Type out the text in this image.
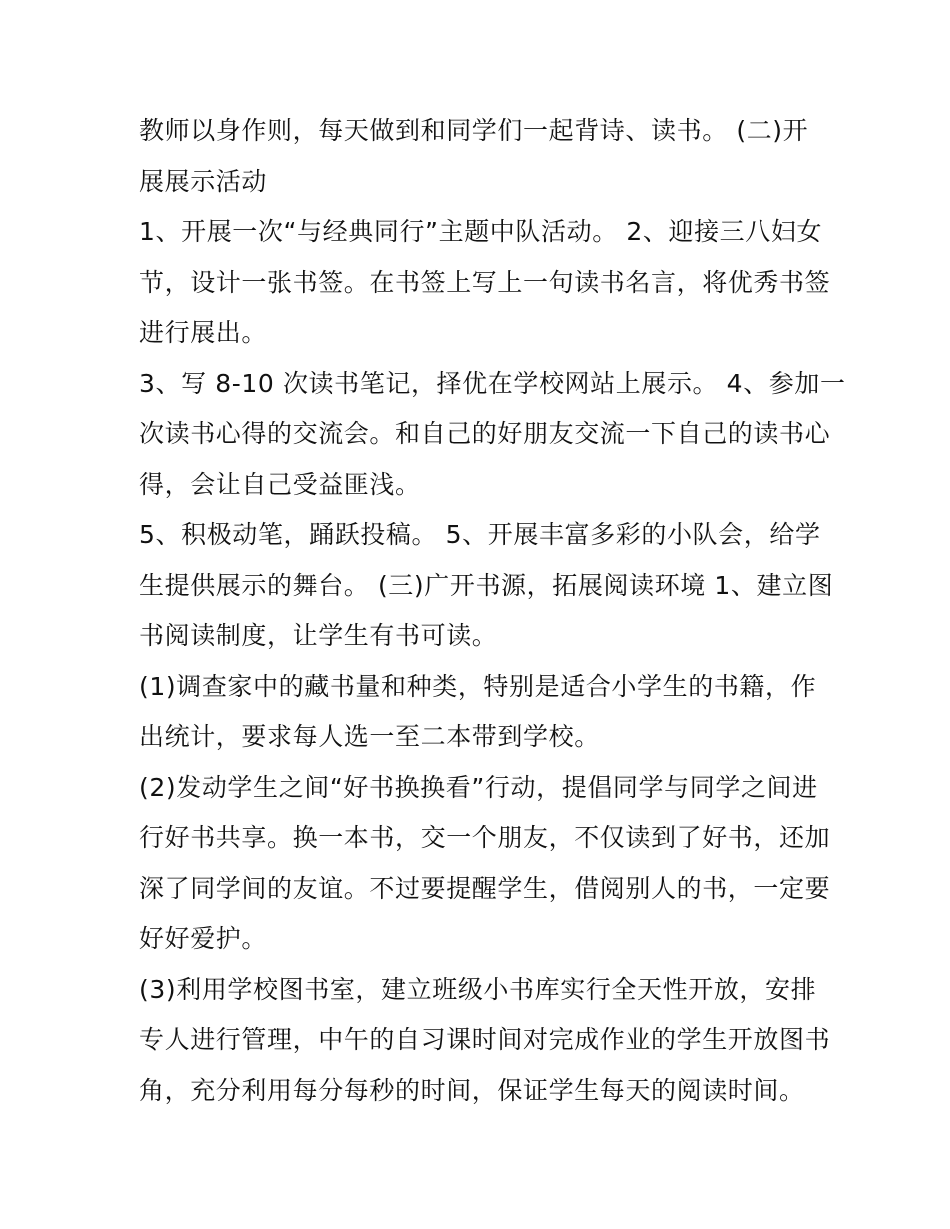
教师以身作则，每天做到和同学们一起背诗、读书。 (二)开
展展示活动
1、开展一次“与经典同行”主题中队活动。 2、迎接三八妇女
节，设计一张书签。在书签上写上一句读书名言，将优秀书签
进行展出。
3、写 8-10 次读书笔记，择优在学校网站上展示。 4、参加一
次读书心得的交流会。和自己的好朋友交流一下自己的读书心
得，会让自己受益匪浅。
5、积极动笔，踊跃投稿。 5、开展丰富多彩的小队会，给学
生提供展示的舞台。 (三)广开书源，拓展阅读环境 1、建立图
书阅读制度，让学生有书可读。
(1)调查家中的藏书量和种类，特别是适合小学生的书籍，作
出统计，要求每人选一至二本带到学校。
(2)发动学生之间“好书换换看”行动，提倡同学与同学之间进
行好书共享。换一本书，交一个朋友，不仅读到了好书，还加
深了同学间的友谊。不过要提醒学生，借阅别人的书，一定要
好好爱护。
(3)利用学校图书室，建立班级小书库实行全天性开放，安排
专人进行管理，中午的自习课时间对完成作业的学生开放图书
角，充分利用每分每秒的时间，保证学生每天的阅读时间。
